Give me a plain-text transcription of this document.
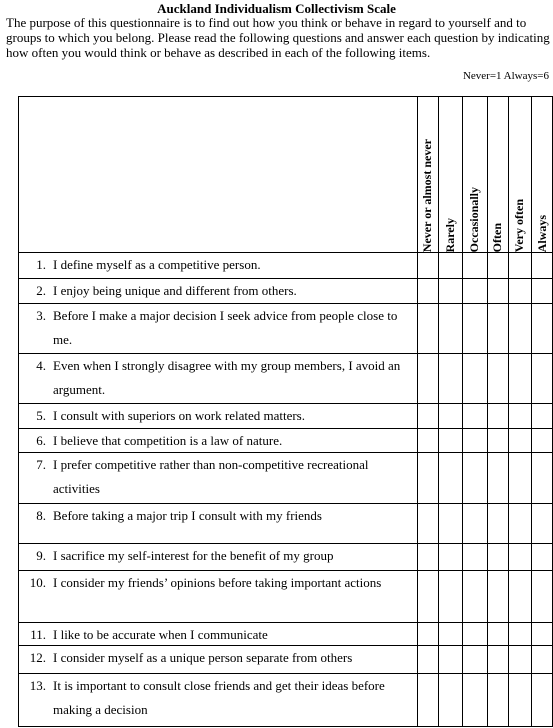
Auckland Individualism Collectivism Scale
The purpose of this questionnaire is to find out how you think or behave in regard to yourself and to groups to which you belong. Please read the following questions and answer each question by indicating how often you would think or behave as described in each of the following items.
Never=1 Always=6
Never or almost never Rarely Occasionally Often Very often Always
1. I define myself as a competitive person.
2. I enjoy being unique and different from others.
3. Before I make a major decision I seek advice from people close to me.
4. Even when I strongly disagree with my group members, I avoid an argument.
5. I consult with superiors on work related matters.
6. I believe that competition is a law of nature.
7. I prefer competitive rather than non-competitive recreational activities
8. Before taking a major trip I consult with my friends
9. I sacrifice my self-interest for the benefit of my group
10. I consider my friends’ opinions before taking important actions
11. I like to be accurate when I communicate
12. I consider myself as a unique person separate from others
13. It is important to consult close friends and get their ideas before making a decision
